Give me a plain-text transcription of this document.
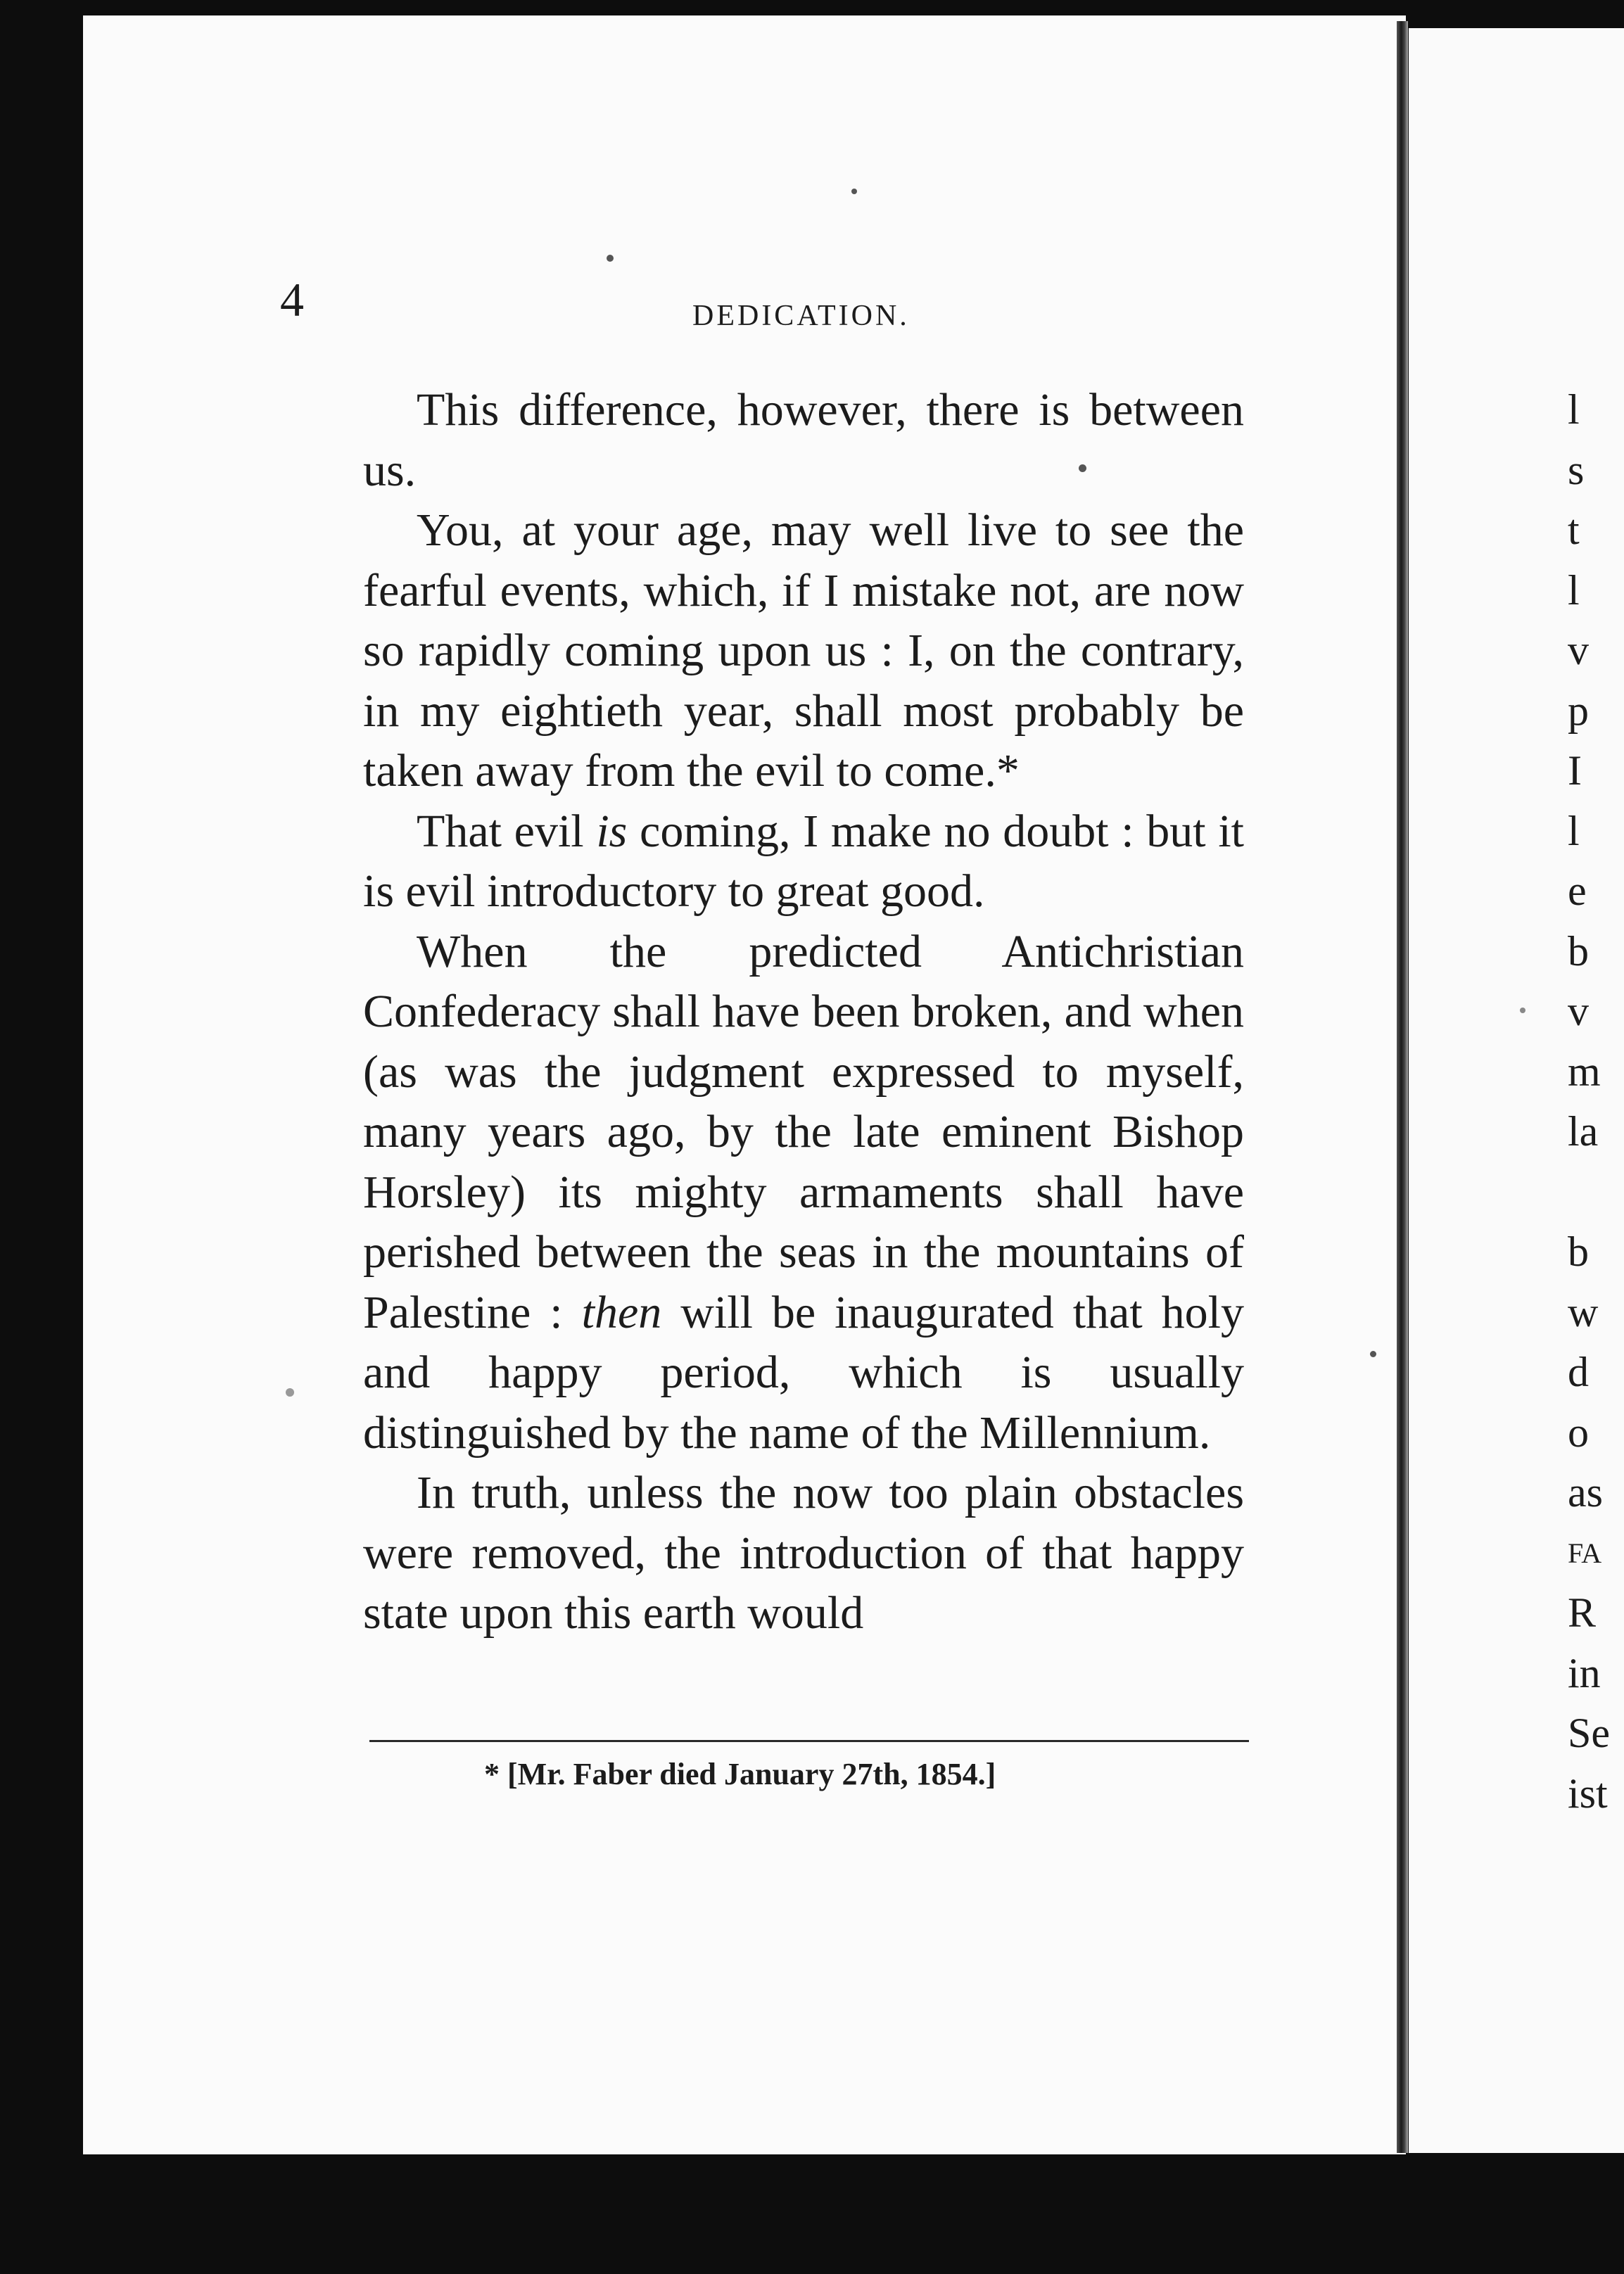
4	DEDICATION.

This difference, however, there is between us.

You, at your age, may well live to see the fearful events, which, if I mistake not, are now so rapidly coming upon us : I, on the contrary, in my eightieth year, shall most probably be taken away from the evil to come.*

That evil is coming, I make no doubt : but it is evil introductory to great good.

When the predicted Antichristian Confederacy shall have been broken, and when (as was the judgment expressed to myself, many years ago, by the late eminent Bishop Horsley) its mighty armaments shall have perished between the seas in the mountains of Palestine : then will be inaugurated that holy and happy period, which is usually distinguished by the name of the Millennium.

In truth, unless the now too plain obstacles were removed, the introduction of that happy state upon this earth would

* [Mr. Faber died January 27th, 1854.]
l
s
t
l
v
p
I
l
e
b
v
m
la
b
w
d
o
as
FA
R
in
Se
ist
